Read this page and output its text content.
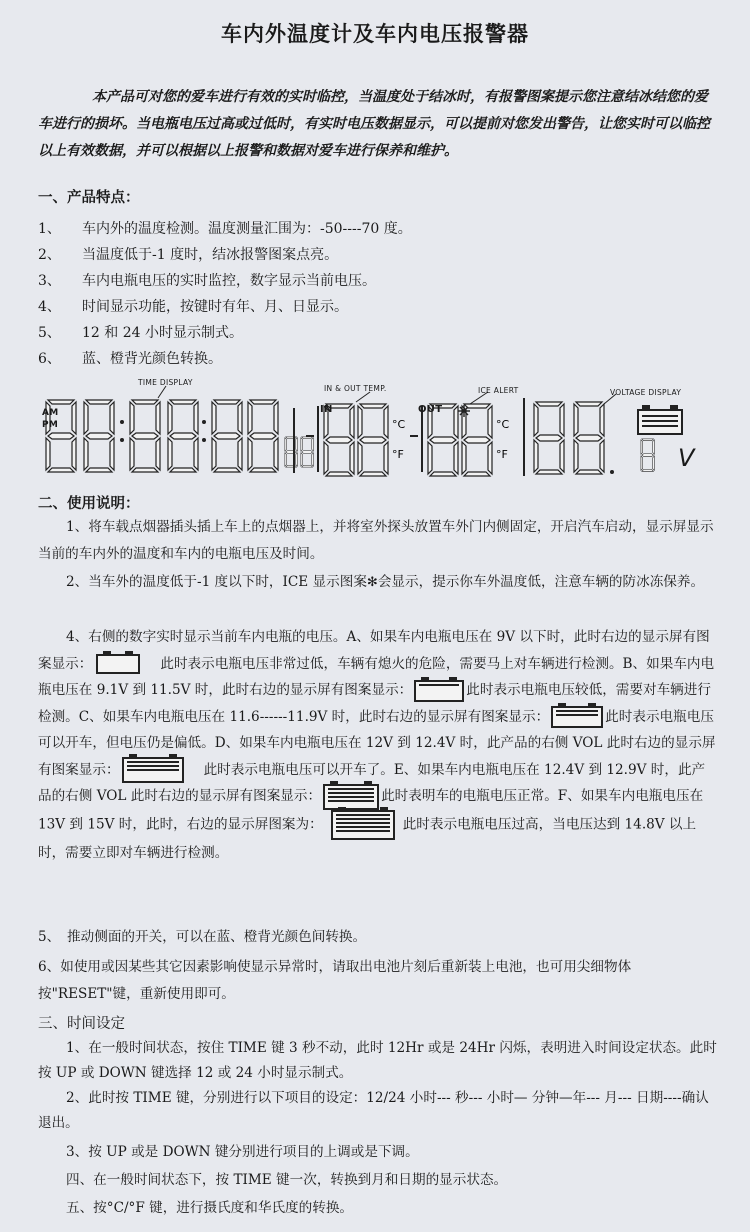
车内外温度计及车内电压报警器
本产品可对您的爱车进行有效的实时临控，当温度处于结冰时，有报警图案提示您注意结冰结您的爱车进行的损坏。当电瓶电压过高或过低时，有实时电压数据显示，可以提前对您发出警告，让您实时可以临控以上有效数据，并可以根据以上报警和数据对爱车进行保养和维护。
一、产品特点：
1、 车内外的温度检测。温度测量汇围为：-50----70 度。
2、 当温度低于-1 度时，结冰报警图案点亮。
3、 车内电瓶电压的实时监控，数字显示当前电压。
4、 时间显示功能，按键时有年、月、日显示。
5、 12 和 24 小时显示制式。
6、 蓝、橙背光颜色转换。
°C
°F
°C
°F
TIME DISPLAY
IN & OUT TEMP.	ICE ALERT	VOLTAGE DISPLAY
AM
PM
IN	OUT
V
二、使用说明：
1、将车载点烟器插头插上车上的点烟器上，并将室外探头放置车外门内侧固定，开启汽车启动，显示屏显示当前的车内外的温度和车内的电瓶电压及时间。
2、当车外的温度低于-1 度以下时，ICE 显示图案✻会显示，提示你车外温度低，注意车辆的防冰冻保养。
4、右侧的数字实时显示当前车内电瓶的电压。A、如果车内电瓶电压在 9V 以下时，此时右边的显示屏有图案显示：	此时表示电瓶电压非常过低，车辆有熄火的危险，需要马上对车辆进行检测。B、如果车内电瓶电压在 9.1V 到 11.5V 时，此时右边的显示屏有图案显示：	此时表示电瓶电压较低，需要对车辆进行检测。C、如果车内电瓶电压在 11.6------11.9V 时，此时右边的显示屏有图案显示：	此时表示电瓶电压可以开车，但电压仍是偏低。D、如果车内电瓶电压在 12V 到 12.4V 时，此产品的右侧 VOL 此时右边的显示屏有图案显示：	此时表示电瓶电压可以开车了。E、如果车内电瓶电压在 12.4V 到 12.9V 时，此产品的右侧 VOL 此时右边的显示屏有图案显示：	此时表明车的电瓶电压正常。F、如果车内电瓶电压在 13V 到 15V 时，此时，右边的显示屏图案为：	此时表示电瓶电压过高，当电压达到 14.8V 以上时，需要立即对车辆进行检测。
5、　推动侧面的开关，可以在蓝、橙背光颜色间转换。
6、如使用或因某些其它因素影响使显示异常时，请取出电池片刻后重新装上电池，也可用尖细物体按"RESET"键，重新使用即可。
三、时间设定
1、在一般时间状态，按住 TIME 键 3 秒不动，此时 12Hr 或是 24Hr 闪烁，表明进入时间设定状态。此时按 UP 或 DOWN 键选择 12 或 24 小时显示制式。
2、此时按 TIME 键，分别进行以下项目的设定：12/24 小时--- 秒--- 小时— 分钟—年--- 月--- 日期----确认退出。
3、按 UP 或是 DOWN 键分别进行项目的上调或是下调。
四、在一般时间状态下，按 TIME 键一次，转换到月和日期的显示状态。
五、按°C/°F 键，进行摄氏度和华氏度的转换。
